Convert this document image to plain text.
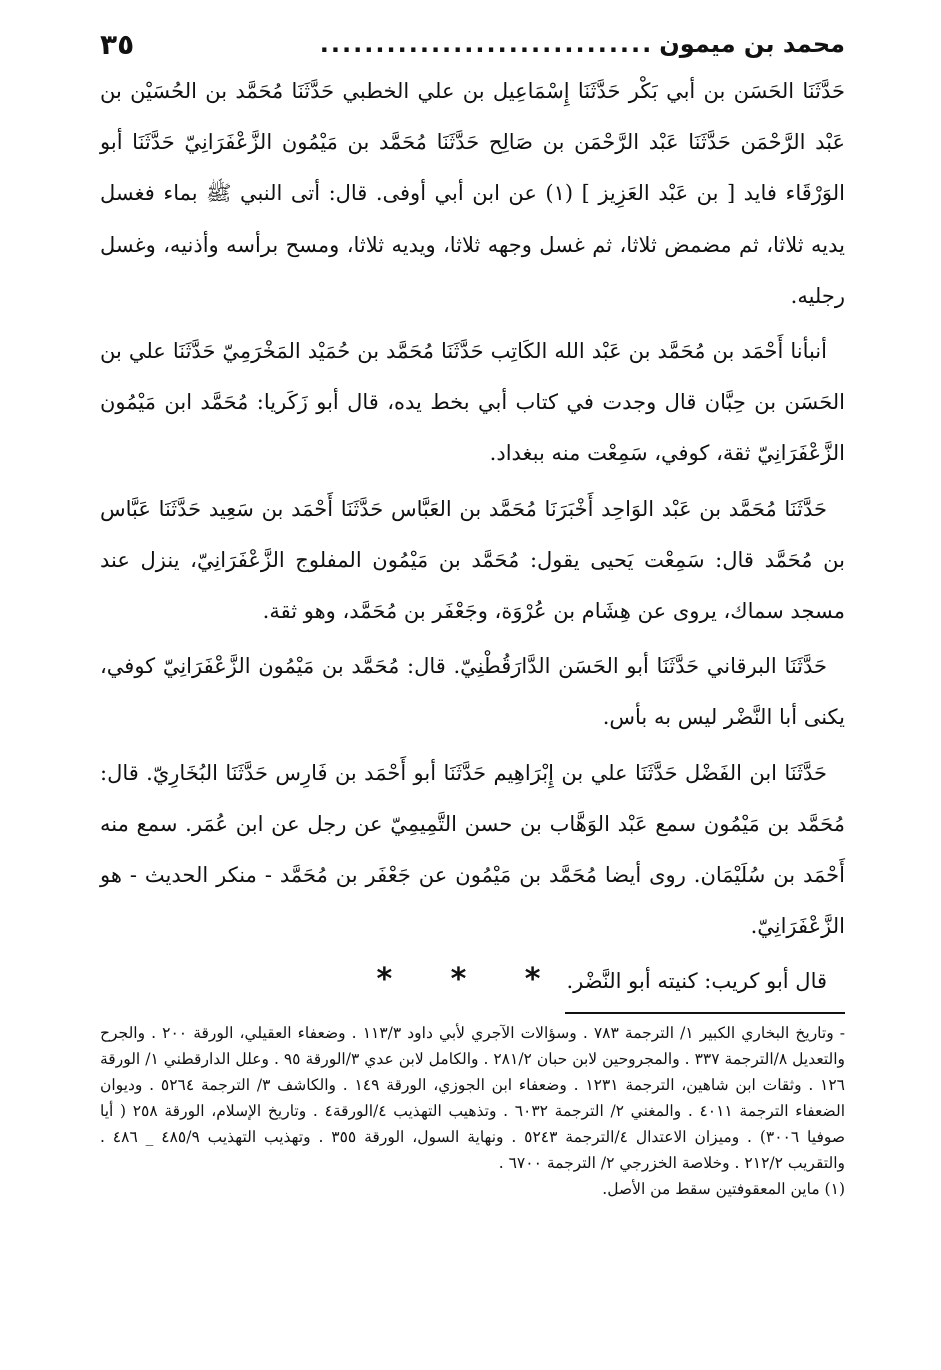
محمد بن ميمون
..............................
٣٥

حَدَّثَنَا الحَسَن بن أبي بَكْر حَدَّثَنَا إِسْمَاعِيل بن علي الخطبي حَدَّثَنَا مُحَمَّد بن الحُسَيْن بن عَبْد الرَّحْمَن حَدَّثَنَا عَبْد الرَّحْمَن بن صَالِح حَدَّثَنَا مُحَمَّد بن مَيْمُون الزَّعْفَرَانِيّ حَدَّثَنَا أبو الوَرْقَاء فايد [ بن عَبْد العَزِيز ] (١) عن ابن أبي أوفى. قال: أتى النبي ﷺ بماء فغسل يديه ثلاثا، ثم مضمض ثلاثا، ثم غسل وجهه ثلاثا، ويديه ثلاثا، ومسح برأسه وأذنيه، وغسل رجليه.

أنبأنا أَحْمَد بن مُحَمَّد بن عَبْد الله الكَاتِب حَدَّثَنَا مُحَمَّد بن حُمَيْد المَخْرَمِيّ حَدَّثَنَا علي بن الحَسَن بن حِبَّان قال وجدت في كتاب أبي بخط يده، قال أبو زَكَريا: مُحَمَّد ابن مَيْمُون الزَّعْفَرَانِيّ ثقة، كوفي، سَمِعْت منه ببغداد.

حَدَّثَنَا مُحَمَّد بن عَبْد الوَاحِد أَخْبَرَنَا مُحَمَّد بن العَبَّاس حَدَّثَنَا أَحْمَد بن سَعِيد حَدَّثَنَا عَبَّاس بن مُحَمَّد قال: سَمِعْت يَحيى يقول: مُحَمَّد بن مَيْمُون المفلوج الزَّعْفَرَانِيّ، ينزل عند مسجد سماك، يروى عن هِشَام بن عُرْوَة، وجَعْفَر بن مُحَمَّد، وهو ثقة.

حَدَّثَنَا البرقاني حَدَّثَنَا أبو الحَسَن الدَّارَقُطْنِيّ. قال: مُحَمَّد بن مَيْمُون الزَّعْفَرَانِيّ كوفي، يكنى أبا النَّضْر ليس به بأس.

حَدَّثَنَا ابن الفَضْل حَدَّثَنَا علي بن إِبْرَاهِيم حَدَّثَنَا أبو أَحْمَد بن فَارِس حَدَّثَنَا البُخَارِيّ. قال: مُحَمَّد بن مَيْمُون سمع عَبْد الوَهَّاب بن حسن التَّمِيمِيّ عن رجل عن ابن عُمَر. سمع منه أَحْمَد بن سُلَيْمَان. روى أيضا مُحَمَّد بن مَيْمُون عن جَعْفَر بن مُحَمَّد - منكر الحديث - هو الزَّعْفَرَانِيّ.

قال أبو كريب: كنيته أبو النَّضْر.

* * *

- وتاريخ البخاري الكبير ١/ الترجمة ٧٨٣ . وسؤالات الآجري لأبي داود ١١٣/٣ . وضعفاء العقيلي، الورقة ٢٠٠ . والجرح والتعديل ٨/الترجمة ٣٣٧ . والمجروحين لابن حبان ٢٨١/٢ . والكامل لابن عدي ٣/الورقة ٩٥ . وعلل الدارقطني ١/ الورقة ١٢٦ . وثقات ابن شاهين، الترجمة ١٢٣١ . وضعفاء ابن الجوزي، الورقة ١٤٩ . والكاشف ٣/ الترجمة ٥٢٦٤ . وديوان الضعفاء الترجمة ٤٠١١ . والمغني ٢/ الترجمة ٦٠٣٢ . وتذهيب التهذيب ٤/الورقة٤ . وتاريخ الإسلام، الورقة ٢٥٨ ( أيا صوفيا ٣٠٠٦) . وميزان الاعتدال ٤/الترجمة ٥٢٤٣ . ونهاية السول، الورقة ٣٥٥ . وتهذيب التهذيب ٤٨٥/٩ _ ٤٨٦ . والتقريب ٢١٢/٢ . وخلاصة الخزرجي ٢/ الترجمة ٦٧٠٠ .

(١) ماين المعقوفتين سقط من الأصل.
